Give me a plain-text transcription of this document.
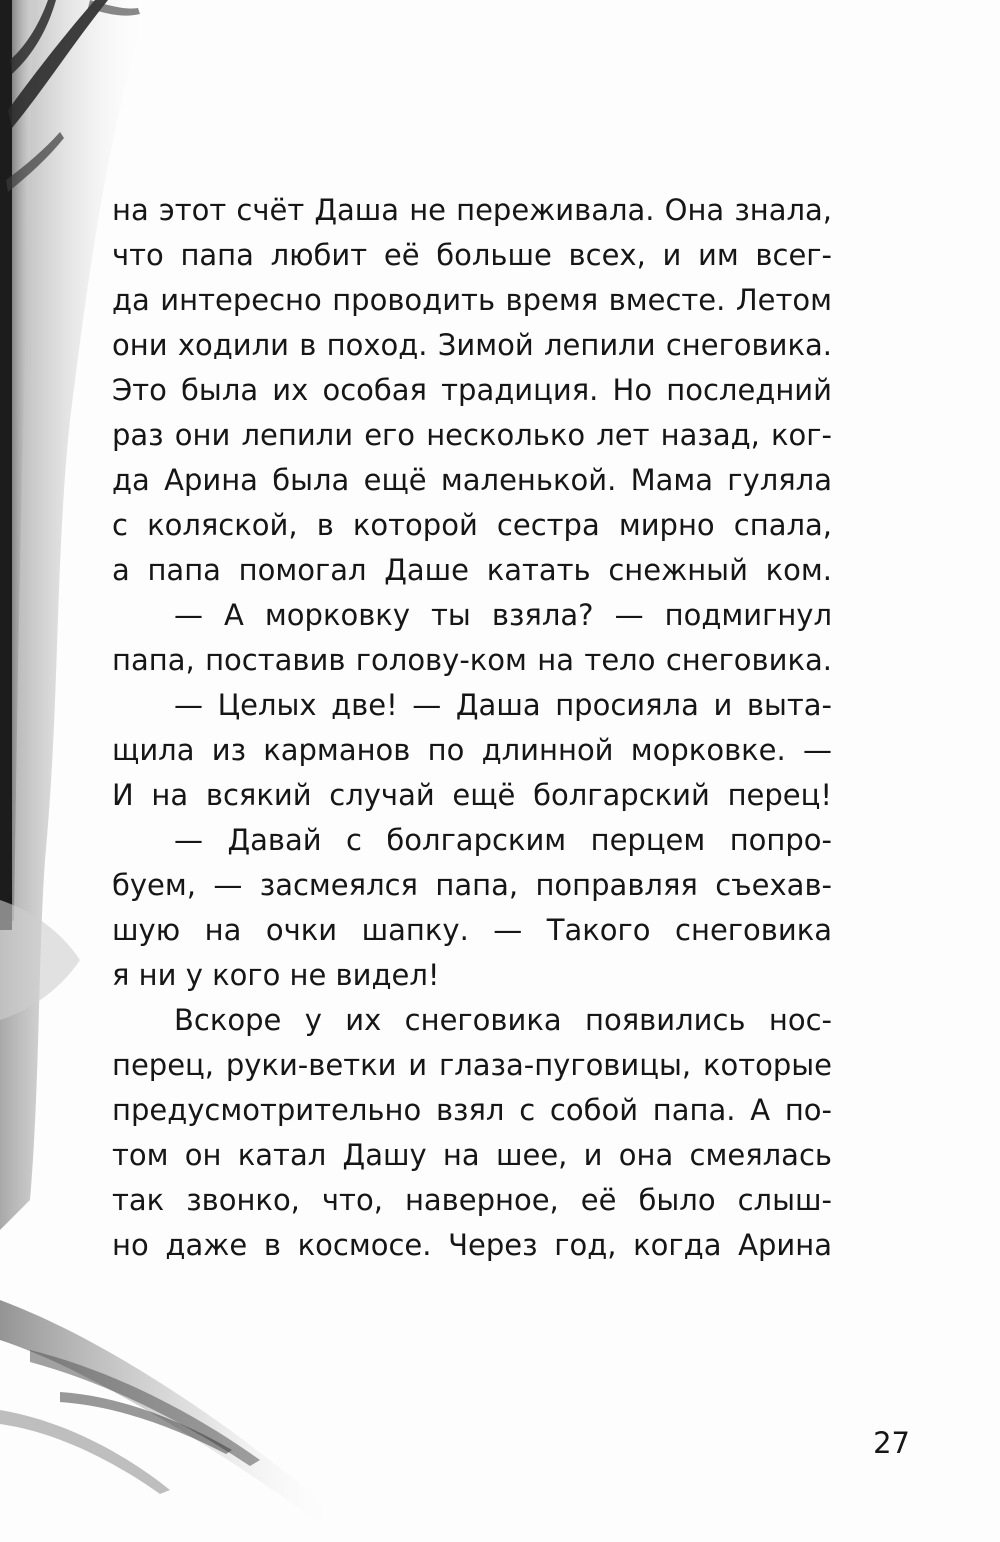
на этот счёт Даша не переживала. Она знала,
что папа любит её больше всех, и им всег-
да интересно проводить время вместе. Летом
они ходили в поход. Зимой лепили снеговика.
Это была их особая традиция. Но последний
раз они лепили его несколько лет назад, ког-
да Арина была ещё маленькой. Мама гуляла
с коляской, в которой сестра мирно спала,
а папа помогал Даше катать снежный ком.
— А морковку ты взяла? — подмигнул
папа, поставив голову-ком на тело снеговика.
— Целых две! — Даша просияла и выта-
щила из карманов по длинной морковке. —
И на всякий случай ещё болгарский перец!
— Давай с болгарским перцем попро-
буем, — засмеялся папа, поправляя съехав-
шую на очки шапку. — Такого снеговика
я ни у кого не видел!
Вскоре у их снеговика появились нос-
перец, руки-ветки и глаза-пуговицы, которые
предусмотрительно взял с собой папа. А по-
том он катал Дашу на шее, и она смеялась
так звонко, что, наверное, её было слыш-
но даже в космосе. Через год, когда Арина
27
